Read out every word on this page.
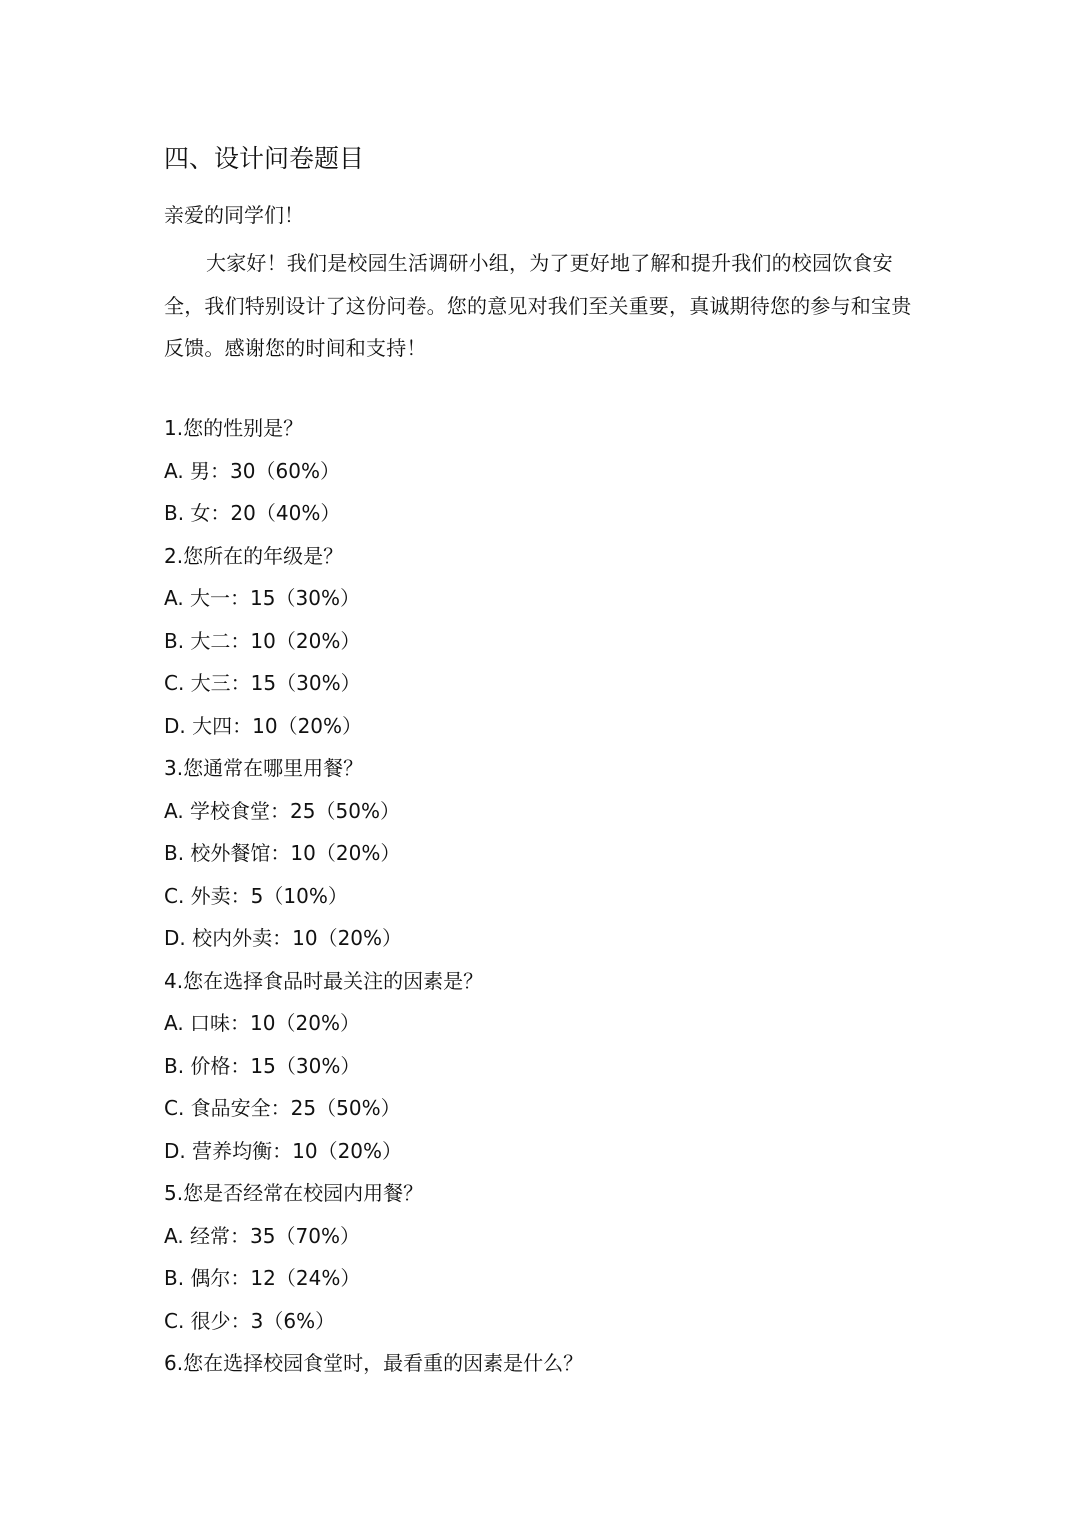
四、设计问卷题目
亲爱的同学们！

大家好！我们是校园生活调研小组，为了更好地了解和提升我们的校园饮食安全，我们特别设计了这份问卷。您的意见对我们至关重要，真诚期待您的参与和宝贵反馈。感谢您的时间和支持！

1.您的性别是？
A. 男：30（60%）
B. 女：20（40%）
2.您所在的年级是？
A. 大一：15（30%）
B. 大二：10（20%）
C. 大三：15（30%）
D. 大四：10（20%）
3.您通常在哪里用餐？
A. 学校食堂：25（50%）
B. 校外餐馆：10（20%）
C. 外卖：5（10%）
D. 校内外卖：10（20%）
4.您在选择食品时最关注的因素是？
A. 口味：10（20%）
B. 价格：15（30%）
C. 食品安全：25（50%）
D. 营养均衡：10（20%）
5.您是否经常在校园内用餐？
A. 经常：35（70%）
B. 偶尔：12（24%）
C. 很少：3（6%）
6.您在选择校园食堂时，最看重的因素是什么？
